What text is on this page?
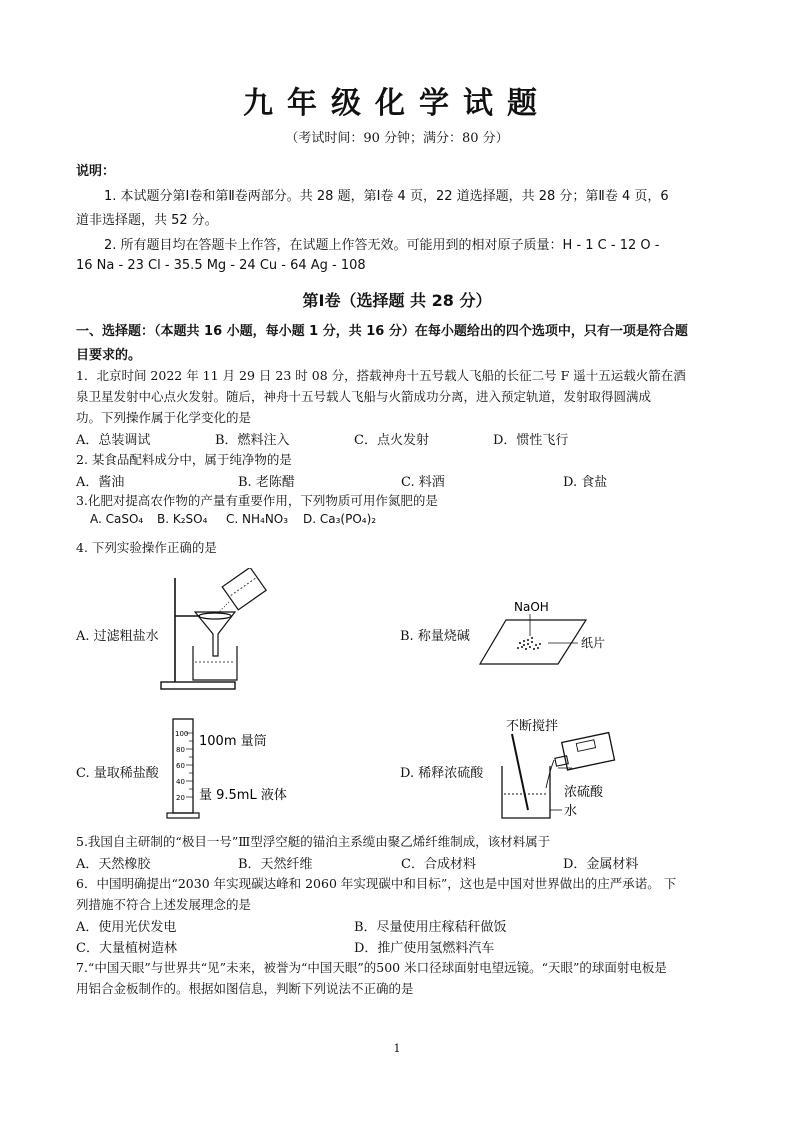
九年级化学试题
（考试时间：90 分钟；满分：80 分）
说明：
1. 本试题分第Ⅰ卷和第Ⅱ卷两部分。共 28 题，第Ⅰ卷 4 页，22 道选择题，共 28 分；第Ⅱ卷 4 页，6
道非选择题，共 52 分。
2. 所有题目均在答题卡上作答，在试题上作答无效。可能用到的相对原子质量：H - 1 C - 12 O -
16 Na - 23 Cl - 35.5 Mg - 24 Cu - 64 Ag - 108
第Ⅰ卷（选择题 共 28 分）
一、选择题：（本题共 16 小题，每小题 1 分，共 16 分）在每小题给出的四个选项中，只有一项是符合题
目要求的。
1．北京时间 2022 年 11 月 29 日 23 时 08 分，搭载神舟十五号载人飞船的长征二号 F 遥十五运载火箭在酒
泉卫星发射中心点火发射。随后，神舟十五号载人飞船与火箭成功分离，进入预定轨道，发射取得圆满成
功。下列操作属于化学变化的是
A．总装调试	B．燃料注入	C．点火发射	D．惯性飞行
2. 某食品配料成分中，属于纯净物的是
A．酱油	B. 老陈醋	C. 料酒	D. 食盐
3.化肥对提高农作物的产量有重要作用，下列物质可用作氮肥的是
A. CaSO₄ B. K₂SO₄ C. NH₄NO₃ D. Ca₃(PO₄)₂
4. 下列实验操作正确的是
A. 过滤粗盐水	B. 称量烧碱
C. 量取稀盐酸	D. 稀释浓硫酸
NaOH
纸片
100
80
60
40
20
100m 量筒
量 9.5mL 液体
不断搅拌
浓硫酸
水
5.我国自主研制的“极目一号”Ⅲ型浮空艇的锚泊主系缆由聚乙烯纤维制成，该材料属于
A．天然橡胶	B．天然纤维	C．合成材料	D．金属材料
6．中国明确提出“2030 年实现碳达峰和 2060 年实现碳中和目标”，这也是中国对世界做出的庄严承诺。 下
列措施不符合上述发展理念的是
A．使用光伏发电	B．尽量使用庄稼秸秆做饭
C．大量植树造林	D．推广使用氢燃料汽车
7.“中国天眼”与世界共“见”未来，被誉为“中国天眼”的500 米口径球面射电望远镜。“天眼”的球面射电板是
用铝合金板制作的。根据如图信息，判断下列说法不正确的是
1
